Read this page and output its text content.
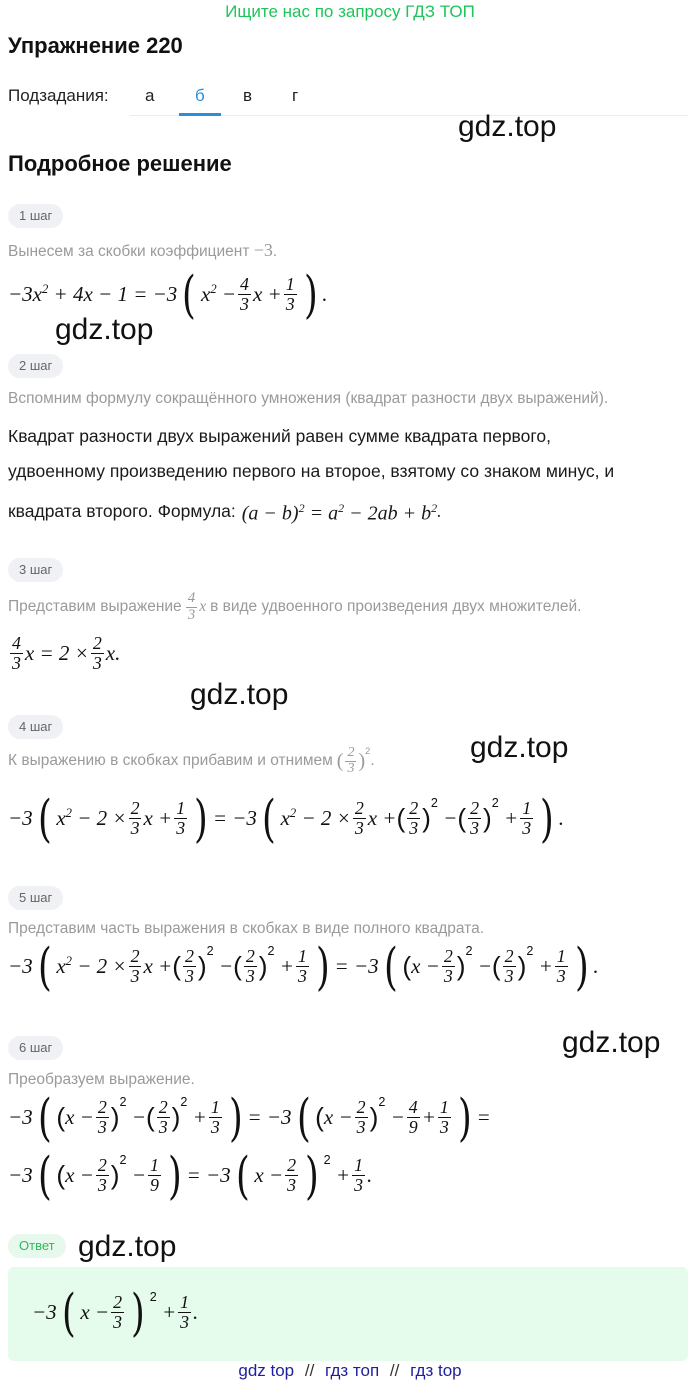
Ищите нас по запросу ГДЗ ТОП
Упражнение 220
Подзадания: а б в г
gdz.top
Подробное решение
1 шаг
Вынесем за скобки коэффициент −3.
$-3x^2 + 4x - 1 = -3$ ( $x^2 - \frac{4}{3}$ $x + \frac{1}{3}$ ) .
gdz.top
2 шаг
Вспомним формулу сокращённого умножения (квадрат разности двух выражений).
Квадрат разности двух выражений равен сумме квадрата первого,
удвоенному произведению первого на второе, взятому со знаком минус, и
квадрата второго. Формула: $(a - b)^2 = a^2 - 2ab + b^2$ .
3 шаг
Представим выражение $\frac{4}{3}$ x в виде удвоенного произведения двух множителей.
$\frac{4}{3}$ $x = 2 \times \frac{2}{3} x$.
gdz.top
4 шаг
gdz.top
К выражению в скобках прибавим и отнимем ( $\frac{2}{3} )^2$
.
−3 ( $x^2 - 2 \times \frac{2}{3}$ $x + \frac{1}{3}$ ) = −3 ( $x^2 - 2 \times \frac{2}{3}$ x + ( $\frac{2}{3}$ )
$^2$
− ( $\frac{2}{3}$ )
$^2$
+ $\frac{1}{3}$ ) .
5 шаг
Представим часть выражения в скобках в виде полного квадрата.
−3 ( $x^2 - 2 \times \frac{2}{3}$ x + ( $\frac{2}{3}$ )
$^2$
− ( $\frac{2}{3}$ )
$^2$
+ $\frac{1}{3}$ ) = −3 ( ( $x - \frac{2}{3}$ )
$^2$
− ( $\frac{2}{3}$ )
$^2$
+ $\frac{1}{3}$ ) .
6 шаг	gdz.top
Преобразуем выражение.
−3 ( ( $x - \frac{2}{3}$ )
$^2$
− ( $\frac{2}{3}$ )
$^2$
+ $\frac{1}{3}$ ) = −3 ( ( $x - \frac{2}{3}$ )
$^2$
− $\frac{4}{9} + \frac{1}{3}$ ) =
−3 ( ( $x - \frac{2}{3}$ )
$^2$
− $\frac{1}{9}$ ) = −3 ( $x - \frac{2}{3}$ ) $^2$
+ $\frac{1}{3}$ .
Ответ gdz.top
−3 ( $x - \frac{2}{3}$ ) $^2$
+ $\frac{1}{3}$ .
gdz top // гдз топ // гдз top
